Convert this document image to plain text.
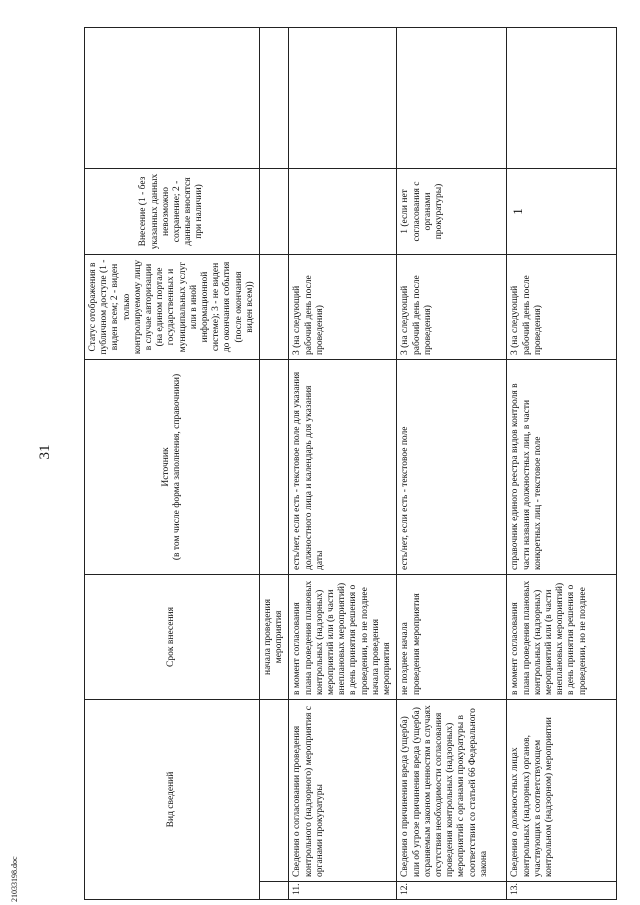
31
21033198.doc
Вид сведений		Срок внесения	Источник (в том числе форма заполнения, справочники)	Статус отображения в публичном доступе (1 - виден всем; 2 - виден только контролируемому лицу в случае авторизации (на едином портале государственных и муниципальных услуг или в иной информационной системе); 3 - не виден до окончания события (после окончания виден всем))	Внесение (1 - без указанных данных невозможно сохранение; 2 - данные вносятся при наличии)	
		начала проведения мероприятия				
11.	Сведения о согласовании проведения контрольного (надзорного) мероприятия с органами прокуратуры	в момент согласования плана проведения плановых контрольных (надзорных) мероприятий или (в части внеплановых мероприятий) в день принятия решения о проведении, но не позднее начала проведения мероприятия	есть/нет, если есть - текстовое поле для указания должностного лица и календарь для указания даты	3 (на следующий рабочий день после проведения)		
12.	Сведения о причинении вреда (ущерба) или об угрозе причинения вреда (ущерба) охраняемым законом ценностям в случаях отсутствия необходимости согласования проведения контрольных (надзорных) мероприятий с органами прокуратуры в соответствии со статьей 66 Федерального закона	не позднее начала проведения мероприятия	есть/нет, если есть - текстовое поле	3 (на следующий рабочий день после проведения)	1 (если нет согласования с органами прокуратуры)	
13.	Сведения о должностных лицах контрольных (надзорных) органов, участвующих в соответствующем контрольном (надзорном) мероприятии	в момент согласования плана проведения плановых контрольных (надзорных) мероприятий или (в части внеплановых мероприятий) в день принятия решения о проведении, но не позднее	справочник единого реестра видов контроля в части названия должностных лиц, в части конкретных лиц - текстовое поле	3 (на следующий рабочий день после проведения)	1	
